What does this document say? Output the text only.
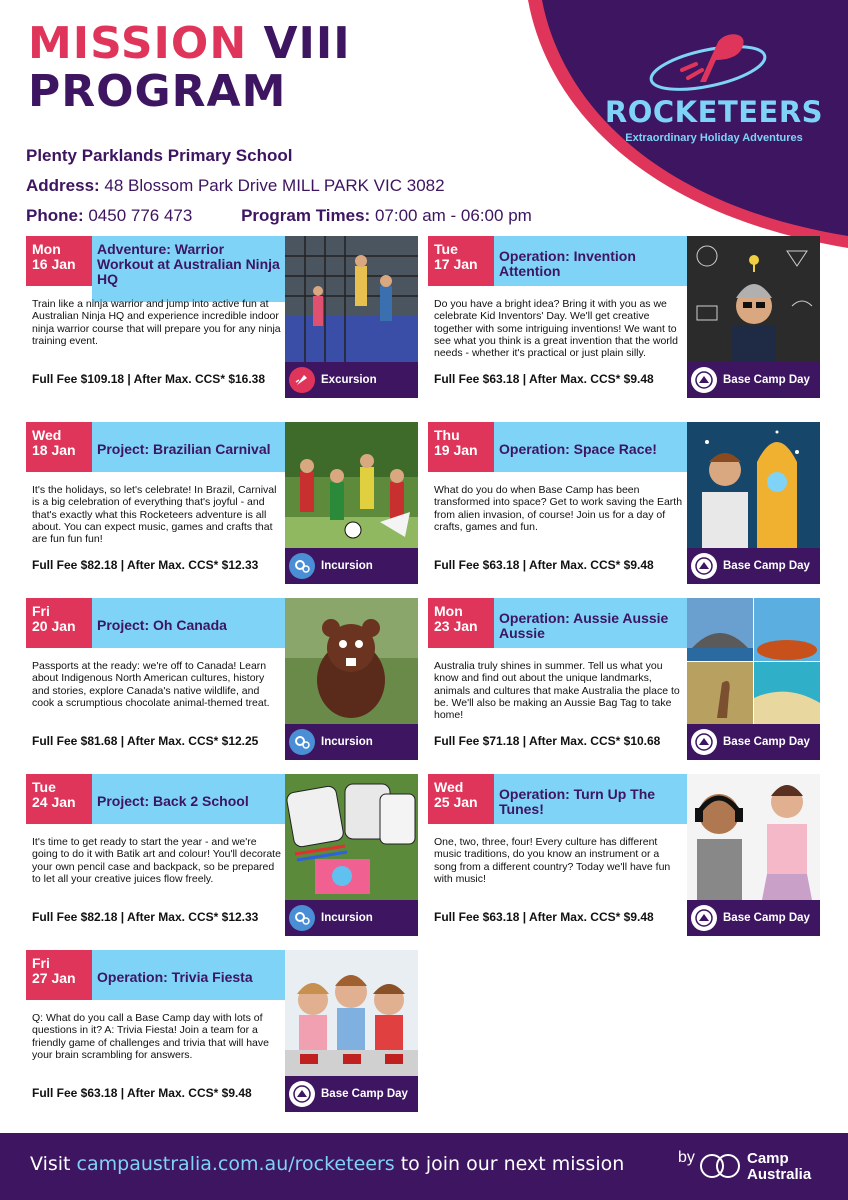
MISSION VIII
PROGRAM	ROCKETEERS
Extraordinary Holiday Adventures
Plenty Parklands Primary School
Address: 48 Blossom Park Drive MILL PARK VIC 3082
Phone: 0450 776 473	Program Times: 07:00 am - 06:00 pm
Mon
16 Jan
Adventure: Warrior Workout at Australian Ninja HQ
Train like a ninja warrior and jump into active fun at Australian Ninja HQ and experience incredible indoor ninja warrior course that will prepare you for any ninja training event.
Full Fee $109.18 | After Max. CCS* $16.38	Excursion
Tue
17 Jan
Operation: Invention Attention
Do you have a bright idea? Bring it with you as we celebrate Kid Inventors' Day. We'll get creative together with some intriguing inventions! We want to see what you think is a great invention that the world needs - whether it's practical or just plain silly.
Full Fee $63.18 | After Max. CCS* $9.48	Base Camp Day
Wed
18 Jan	Project: Brazilian Carnival
It's the holidays, so let's celebrate! In Brazil, Carnival is a big celebration of everything that's joyful - and that's exactly what this Rocketeers adventure is all about. You can expect music, games and crafts that are fun fun fun!
Full Fee $82.18 | After Max. CCS* $12.33	Incursion
Thu
19 Jan	Operation: Space Race!
What do you do when Base Camp has been transformed into space? Get to work saving the Earth from alien invasion, of course! Join us for a day of crafts, games and fun.
Full Fee $63.18 | After Max. CCS* $9.48	Base Camp Day
Fri
20 Jan	Project: Oh Canada
Passports at the ready: we're off to Canada! Learn about Indigenous North American cultures, history and stories, explore Canada's native wildlife, and cook a scrumptious chocolate animal-themed treat.
Full Fee $81.68 | After Max. CCS* $12.25	Incursion
Mon
23 Jan
Operation: Aussie Aussie Aussie
Australia truly shines in summer. Tell us what you know and find out about the unique landmarks, animals and cultures that make Australia the place to be. We'll also be making an Aussie Bag Tag to take home!
Full Fee $71.18 | After Max. CCS* $10.68	Base Camp Day
Tue
24 Jan	Project: Back 2 School
It's time to get ready to start the year - and we're going to do it with Batik art and colour! You'll decorate your own pencil case and backpack, so be prepared to let all your creative juices flow freely.
Full Fee $82.18 | After Max. CCS* $12.33	Incursion
Wed
25 Jan
Operation: Turn Up The Tunes!
One, two, three, four! Every culture has different music traditions, do you know an instrument or a song from a different country? Today we'll have fun with music!
Full Fee $63.18 | After Max. CCS* $9.48	Base Camp Day
Fri
27 Jan	Operation: Trivia Fiesta
Q: What do you call a Base Camp day with lots of questions in it? A: Trivia Fiesta! Join a team for a friendly game of challenges and trivia that will have your brain scrambling for answers.
Full Fee $63.18 | After Max. CCS* $9.48	Base Camp Day
Visit campaustralia.com.au/rocketeers to join our next mission	by	Camp
Australia
